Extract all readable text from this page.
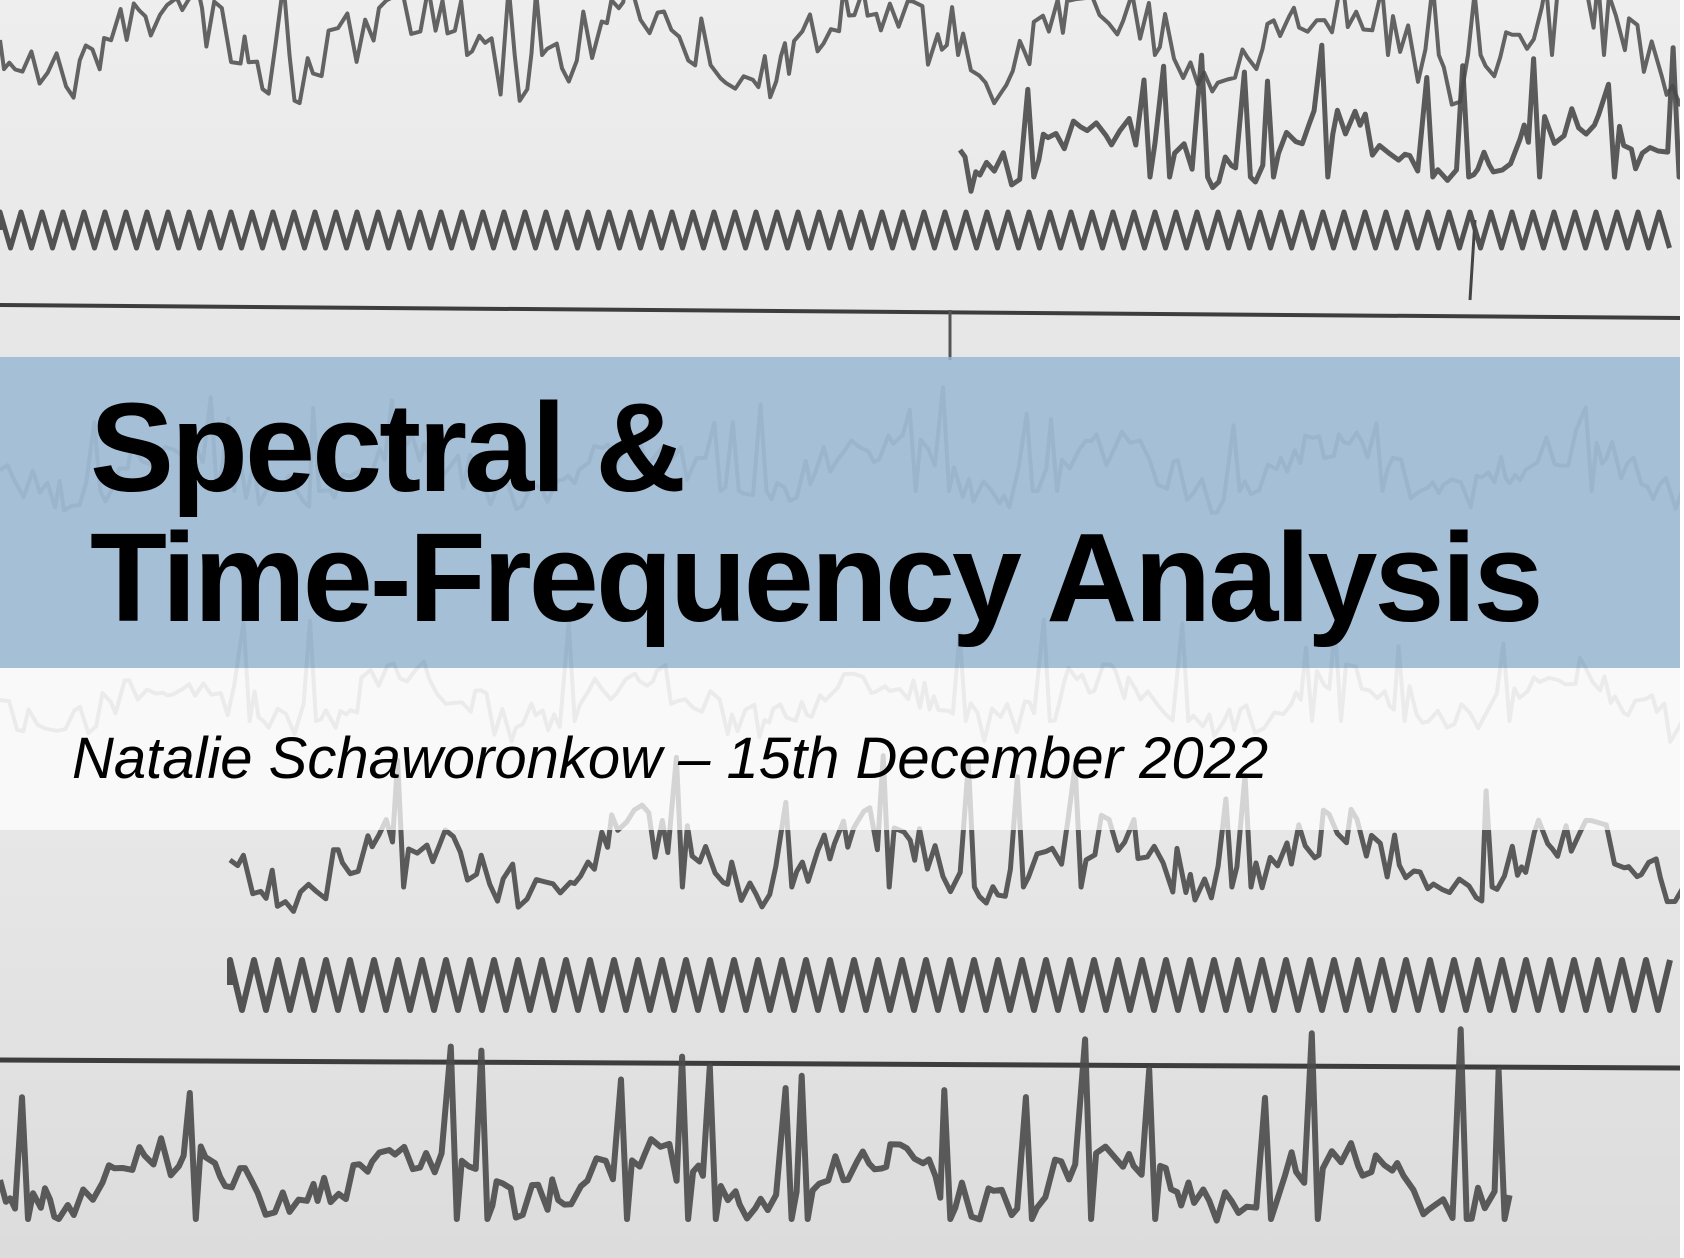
Spectral &
Time-Frequency Analysis

Natalie Schaworonkow – 15th December 2022
